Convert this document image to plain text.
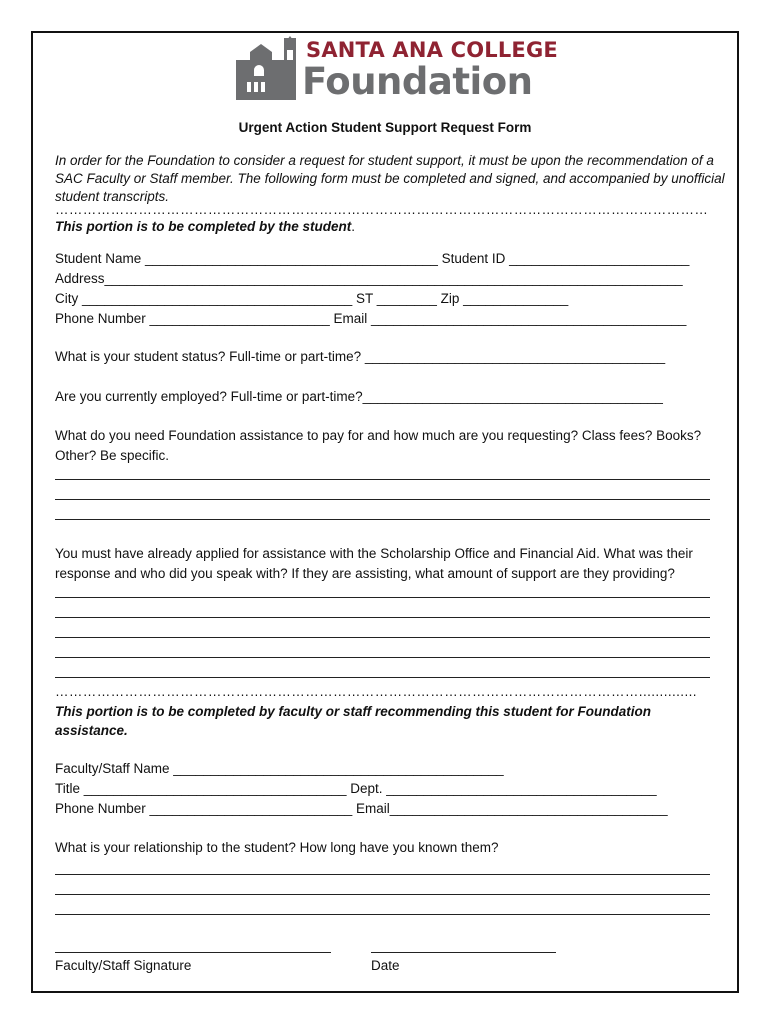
SANTA ANA COLLEGE
Foundation
Urgent Action Student Support Request Form
In order for the Foundation to consider a request for student support, it must be upon the recommendation of a SAC Faculty or Staff member. The following form must be completed and signed, and accompanied by unofficial student transcripts.
……………………………………………………………………………………………………………………………
This portion is to be completed by the student.
Student Name _______________________________________ Student ID ________________________
Address_____________________________________________________________________________
City ____________________________________ ST ________ Zip ______________
Phone Number ________________________ Email __________________________________________
What is your student status? Full-time or part-time? ________________________________________
Are you currently employed? Full-time or part-time?________________________________________
What do you need Foundation assistance to pay for and how much are you requesting? Class fees? Books? Other? Be specific.
You must have already applied for assistance with the Scholarship Office and Financial Aid. What was their response and who did you speak with? If they are assisting, what amount of support are they providing?
………………………………………………………………………………………………………………..............
This portion is to be completed by faculty or staff recommending this student for Foundation assistance.
Faculty/Staff Name ____________________________________________
Title ___________________________________ Dept. ____________________________________
Phone Number ___________________________ Email_____________________________________
What is your relationship to the student? How long have you known them?
Faculty/Staff Signature	Date
